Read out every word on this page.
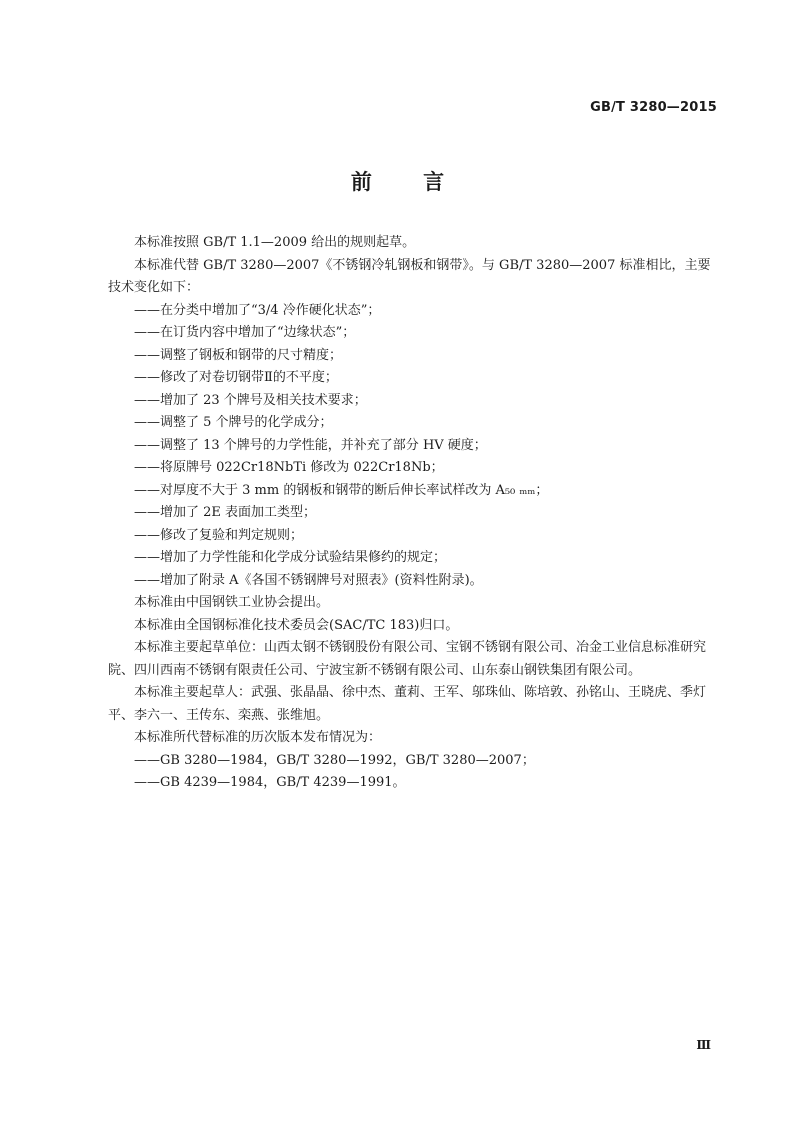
GB/T 3280—2015
前 言

本标准按照 GB/T 1.1—2009 给出的规则起草。

本标准代替 GB/T 3280—2007《不锈钢冷轧钢板和钢带》。与 GB/T 3280—2007 标准相比，主要技术变化如下：

——在分类中增加了“3/4 冷作硬化状态”；
——在订货内容中增加了“边缘状态”；
——调整了钢板和钢带的尺寸精度；
——修改了对卷切钢带Ⅱ的不平度；
——增加了 23 个牌号及相关技术要求；
——调整了 5 个牌号的化学成分；
——调整了 13 个牌号的力学性能，并补充了部分 HV 硬度；
——将原牌号 022Cr18NbTi 修改为 022Cr18Nb；
——对厚度不大于 3 mm 的钢板和钢带的断后伸长率试样改为 A₅₀ ₘₘ；
——增加了 2E 表面加工类型；
——修改了复验和判定规则；
——增加了力学性能和化学成分试验结果修约的规定；
——增加了附录 A《各国不锈钢牌号对照表》(资料性附录)。

本标准由中国钢铁工业协会提出。

本标准由全国钢标准化技术委员会(SAC/TC 183)归口。

本标准主要起草单位：山西太钢不锈钢股份有限公司、宝钢不锈钢有限公司、冶金工业信息标准研究院、四川西南不锈钢有限责任公司、宁波宝新不锈钢有限公司、山东泰山钢铁集团有限公司。

本标准主要起草人：武强、张晶晶、徐中杰、董莉、王军、邬珠仙、陈培敦、孙铭山、王晓虎、季灯平、李六一、王传东、栾燕、张维旭。

本标准所代替标准的历次版本发布情况为：

——GB 3280—1984，GB/T 3280—1992，GB/T 3280—2007；
——GB 4239—1984，GB/T 4239—1991。
Ⅲ
